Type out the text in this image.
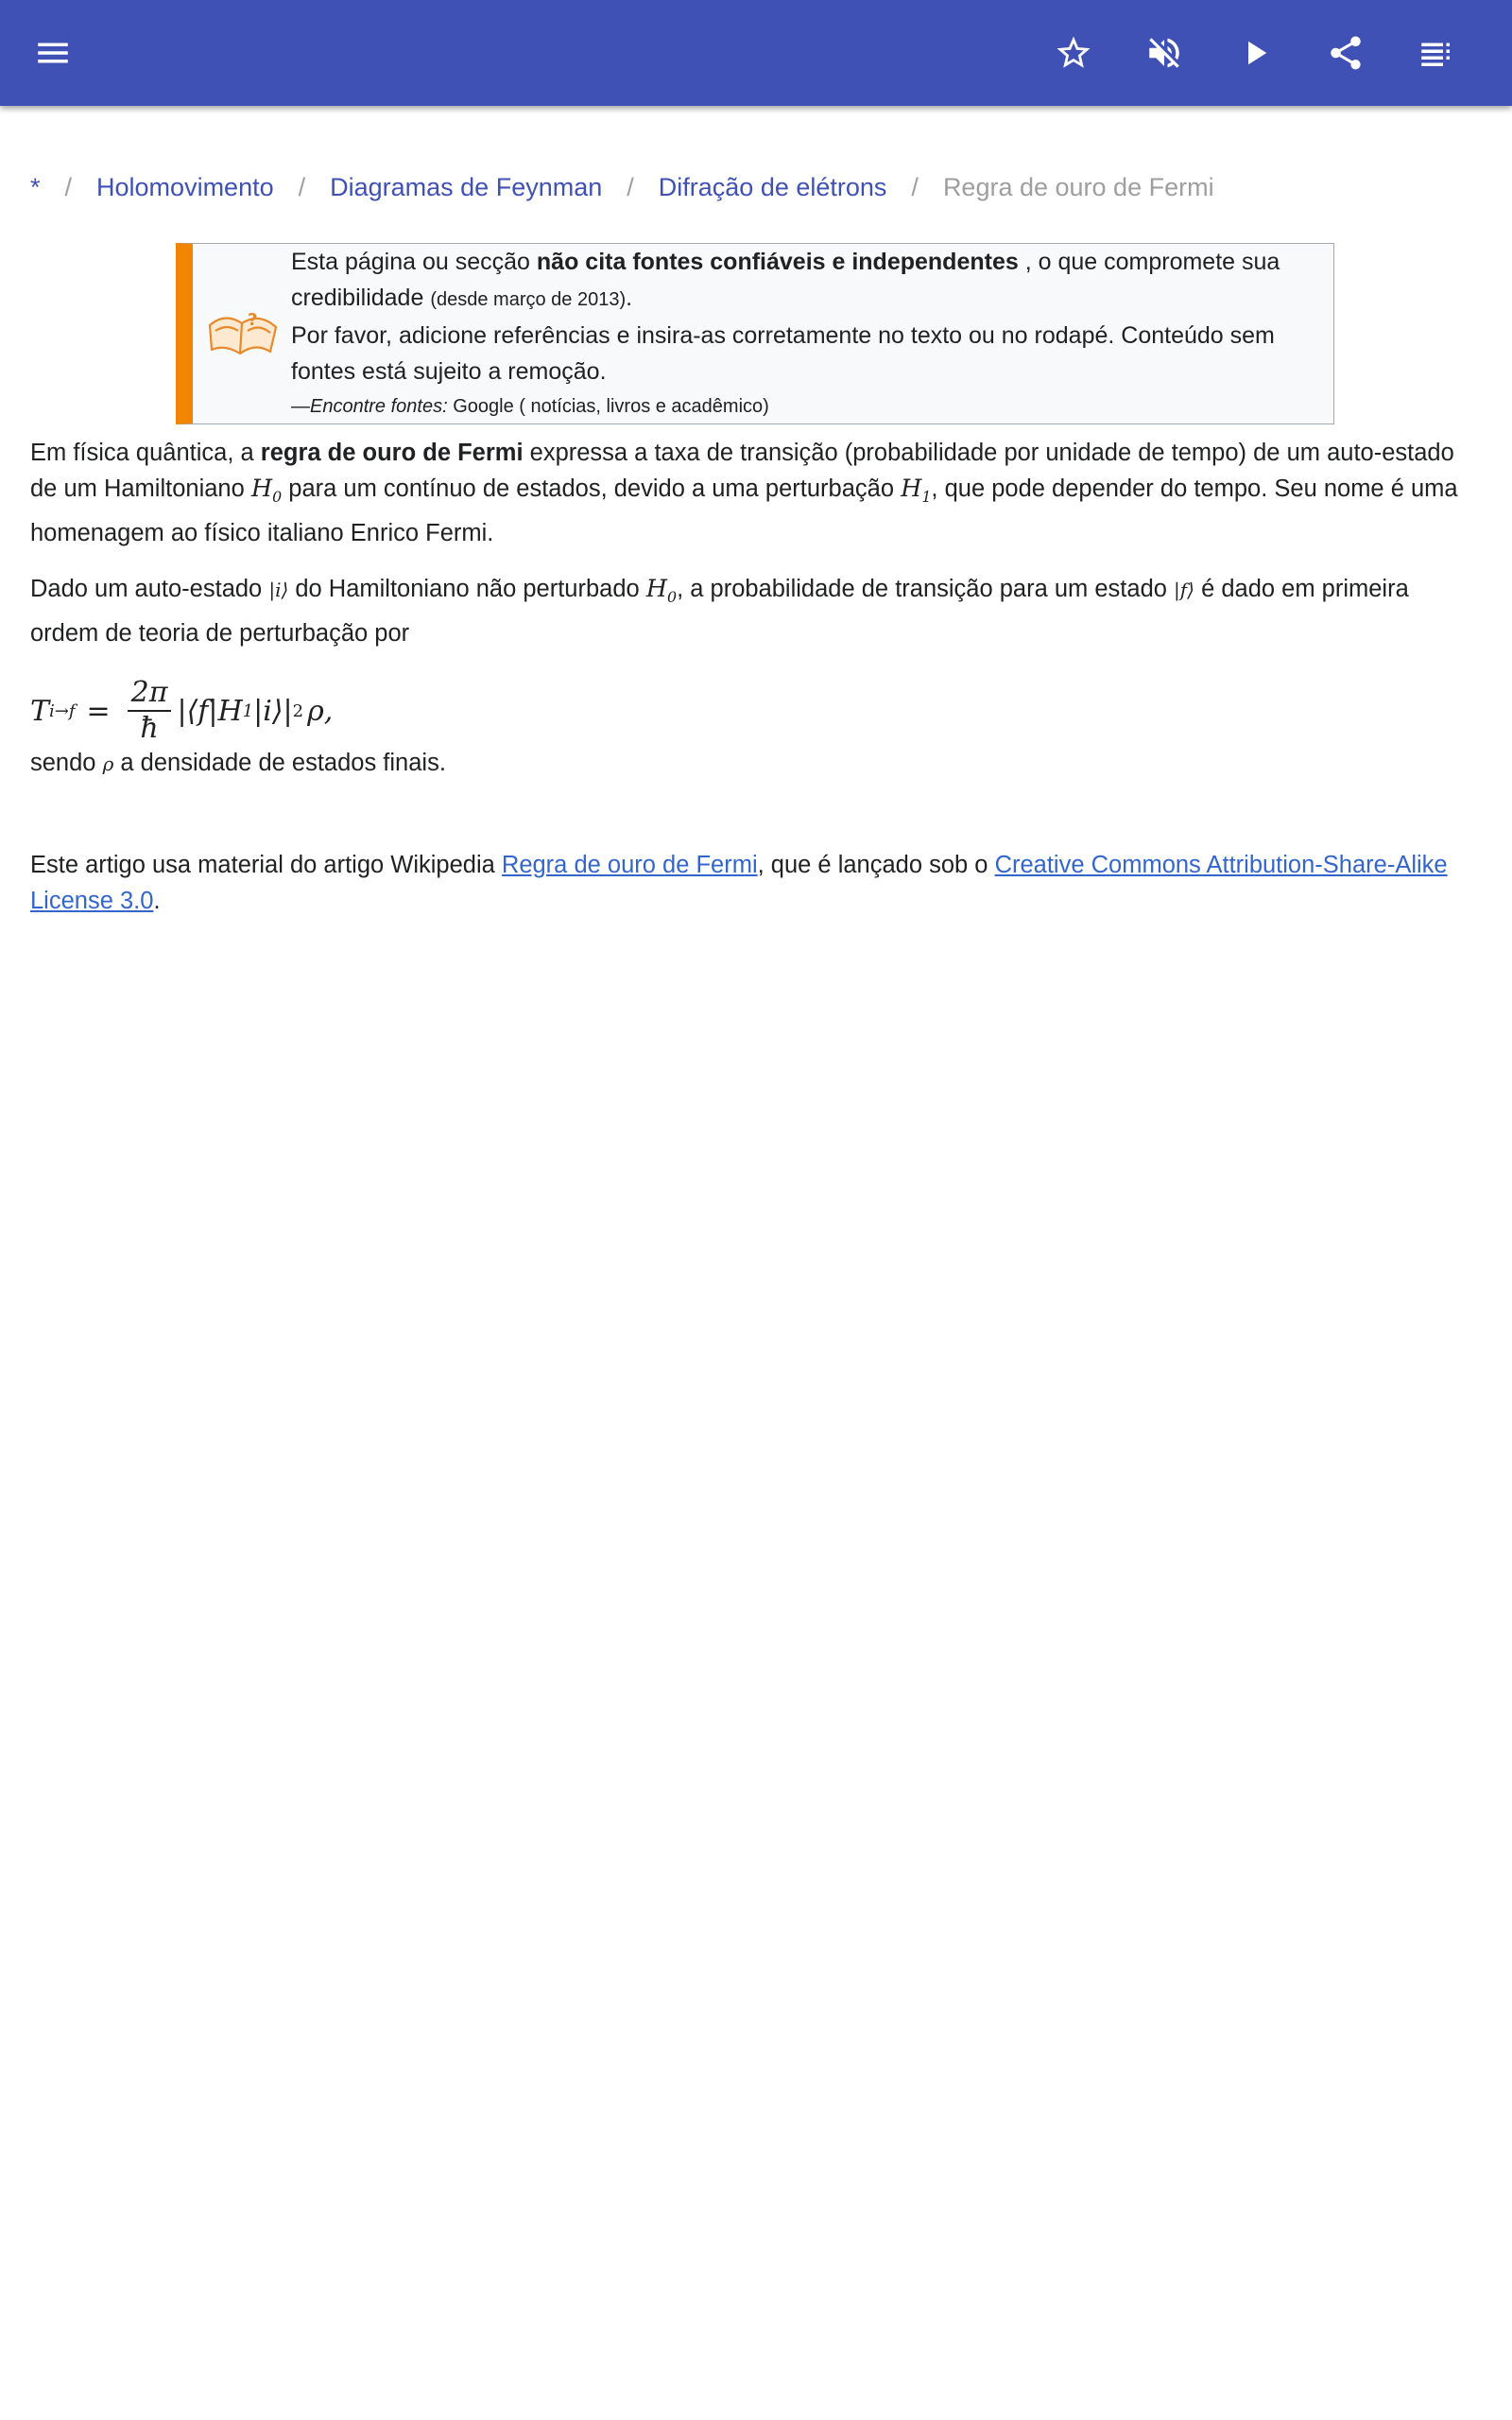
* / Holomovimento / Diagramas de Feynman / Difração de elétrons / Regra de ouro de Fermi
?
Esta página ou secção não cita fontes confiáveis e independentes , o que compromete sua credibilidade (desde março de 2013).
Por favor, adicione referências e insira-as corretamente no texto ou no rodapé. Conteúdo sem fontes está sujeito a remoção.
—Encontre fontes: Google ( notícias, livros e acadêmico)
Em física quântica, a regra de ouro de Fermi expressa a taxa de transição (probabilidade por unidade de tempo) de um auto-estado de um Hamiltoniano $H_0$ para um contínuo de estados, devido a uma perturbação $H_1$, que pode depender do tempo. Seu nome é uma homenagem ao físico italiano Enrico Fermi.
Dado um auto-estado |i⟩ do Hamiltoniano não perturbado $H_0$, a probabilidade de transição para um estado |f⟩ é dado em primeira ordem de teoria de perturbação por
T $i\to f = \frac{2\pi}{ħ}$ |⟨f|H 1 |i⟩| 2 ρ,
sendo ρ a densidade de estados finais.
Este artigo usa material do artigo Wikipedia Regra de ouro de Fermi, que é lançado sob o Creative Commons Attribution-Share-Alike License 3.0.
